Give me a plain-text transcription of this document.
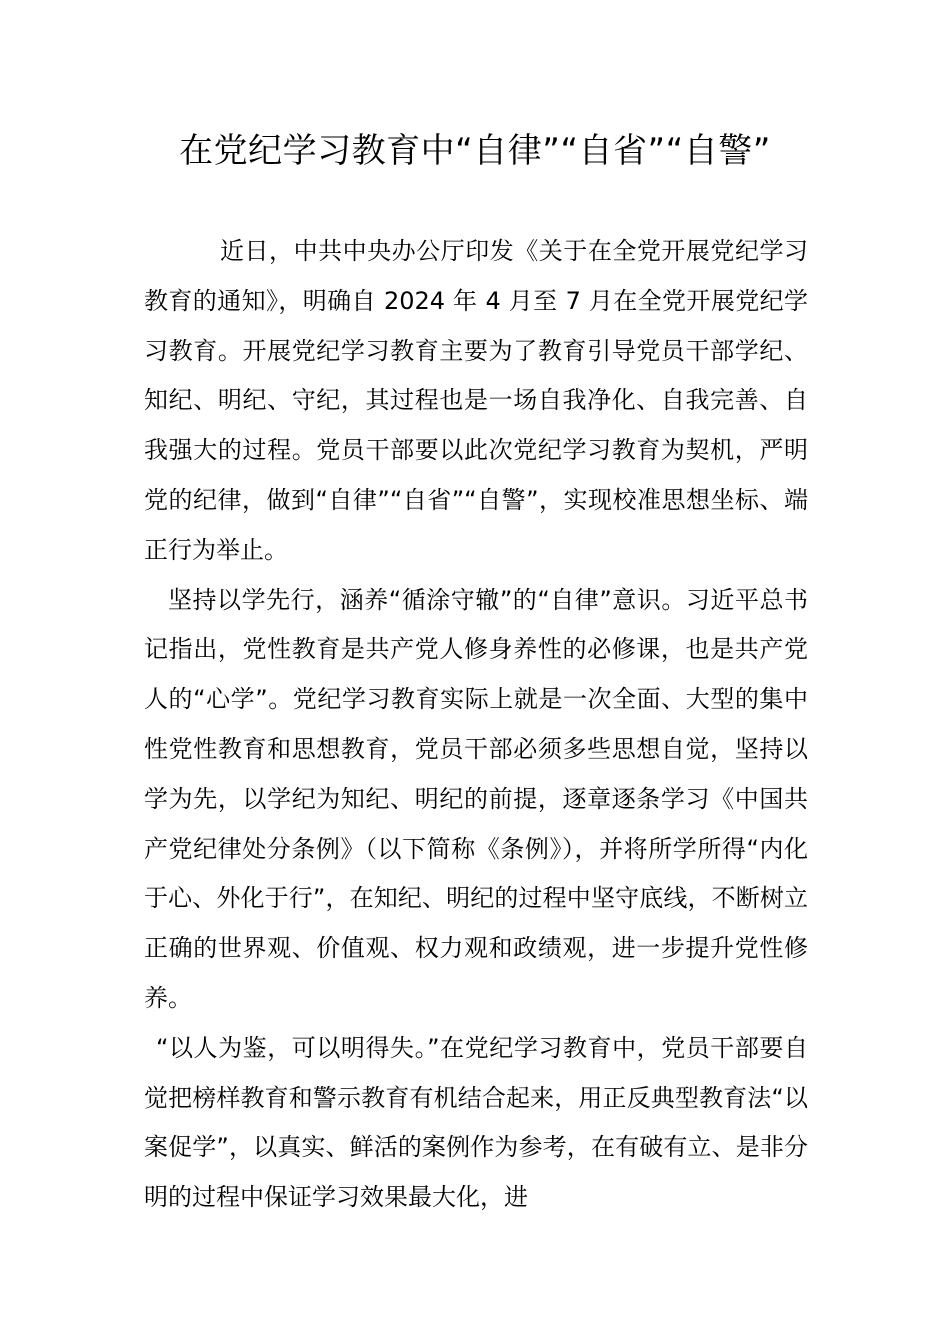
在党纪学习教育中“自律”“自省”“自警”

近日，中共中央办公厅印发《关于在全党开展党纪学习教育的通知》，明确自 2024 年 4 月至 7 月在全党开展党纪学习教育。开展党纪学习教育主要为了教育引导党员干部学纪、知纪、明纪、守纪，其过程也是一场自我净化、自我完善、自我强大的过程。党员干部要以此次党纪学习教育为契机，严明党的纪律，做到“自律”“自省”“自警”，实现校准思想坐标、端正行为举止。

坚持以学先行，涵养“循涂守辙”的“自律”意识。习近平总书记指出，党性教育是共产党人修身养性的必修课，也是共产党人的“心学”。党纪学习教育实际上就是一次全面、大型的集中性党性教育和思想教育，党员干部必须多些思想自觉，坚持以学为先，以学纪为知纪、明纪的前提，逐章逐条学习《中国共产党纪律处分条例》（以下简称《条例》），并将所学所得“内化于心、外化于行”，在知纪、明纪的过程中坚守底线，不断树立正确的世界观、价值观、权力观和政绩观，进一步提升党性修养。

“以人为鉴，可以明得失。”在党纪学习教育中，党员干部要自觉把榜样教育和警示教育有机结合起来，用正反典型教育法“以案促学”，以真实、鲜活的案例作为参考，在有破有立、是非分明的过程中保证学习效果最大化，进
